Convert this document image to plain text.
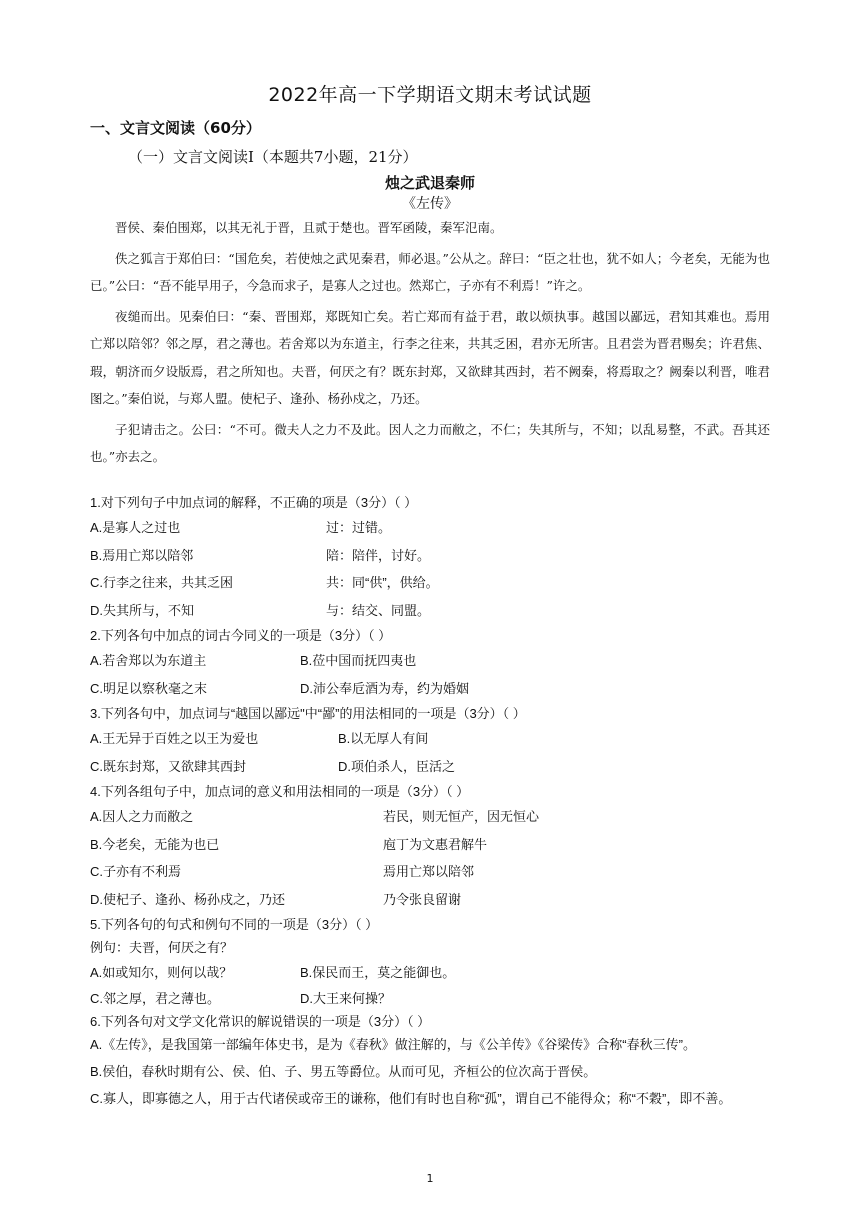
2022年高一下学期语文期末考试试题
一、文言文阅读（60分）
（一）文言文阅读Ⅰ（本题共7小题，21分）
烛之武退秦师
《左传》

晋侯、秦伯围郑，以其无礼于晋，且贰于楚也。晋军函陵，秦军氾南。

佚之狐言于郑伯曰：“国危矣，若使烛之武见秦君，师必退。”公从之。辞曰：“臣之壮也，犹不如人；今老矣，无能为也已。”公曰：“吾不能早用子，今急而求子，是寡人之过也。然郑亡，子亦有不利焉！”许之。

夜缒而出。见秦伯曰：“秦、晋围郑，郑既知亡矣。若亡郑而有益于君，敢以烦执事。越国以鄙远，君知其难也。焉用亡郑以陪邻？邻之厚，君之薄也。若舍郑以为东道主，行李之往来，共其乏困，君亦无所害。且君尝为晋君赐矣；许君焦、瑕，朝济而夕设版焉，君之所知也。夫晋，何厌之有？既东封郑，又欲肆其西封，若不阙秦，将焉取之？阙秦以利晋，唯君图之。”秦伯说，与郑人盟。使杞子、逢孙、杨孙戍之，乃还。

子犯请击之。公曰：“不可。微夫人之力不及此。因人之力而敝之，不仁；失其所与，不知；以乱易整，不武。吾其还也。”亦去之。

1.对下列句子中加点词的解释，不正确的项是（3分）（ ）
A.是寡人之过也	过：过错。
B.焉用亡郑以陪邻	陪：陪伴，讨好。
C.行李之往来，共其乏困	共：同“供”，供给。
D.失其所与，不知	与：结交、同盟。
2.下列各句中加点的词古今同义的一项是（3分）（ ）
A.若舍郑以为东道主	B.莅中国而抚四夷也
C.明足以察秋毫之末	D.沛公奉卮酒为寿，约为婚姻
3.下列各句中，加点词与“越国以鄙远"中“鄙”的用法相同的一项是（3分）（ ）
A.王无异于百姓之以王为爱也	B.以无厚人有间
C.既东封郑，又欲肆其西封	D.项伯杀人，臣活之
4.下列各组句子中，加点词的意义和用法相同的一项是（3分）（ ）
A.因人之力而敝之	若民，则无恒产，因无恒心
B.今老矣，无能为也已	庖丁为文惠君解牛
C.子亦有不利焉	焉用亡郑以陪邻
D.使杞子、逢孙、杨孙戍之，乃还	乃令张良留谢
5.下列各句的句式和例句不同的一项是（3分）（ ）
例句：夫晋，何厌之有？
A.如或知尔，则何以哉？	B.保民而王，莫之能御也。
C.邻之厚，君之薄也。	D.大王来何操？
6.下列各句对文学文化常识的解说错误的一项是（3分）（ ）
A.《左传》，是我国第一部编年体史书，是为《春秋》做注解的，与《公羊传》《谷梁传》合称“春秋三传”。
B.侯伯，春秋时期有公、侯、伯、子、男五等爵位。从而可见，齐桓公的位次高于晋侯。
C.寡人，即寡德之人，用于古代诸侯或帝王的谦称，他们有时也自称“孤”，谓自己不能得众；称“不穀”，即不善。
1
